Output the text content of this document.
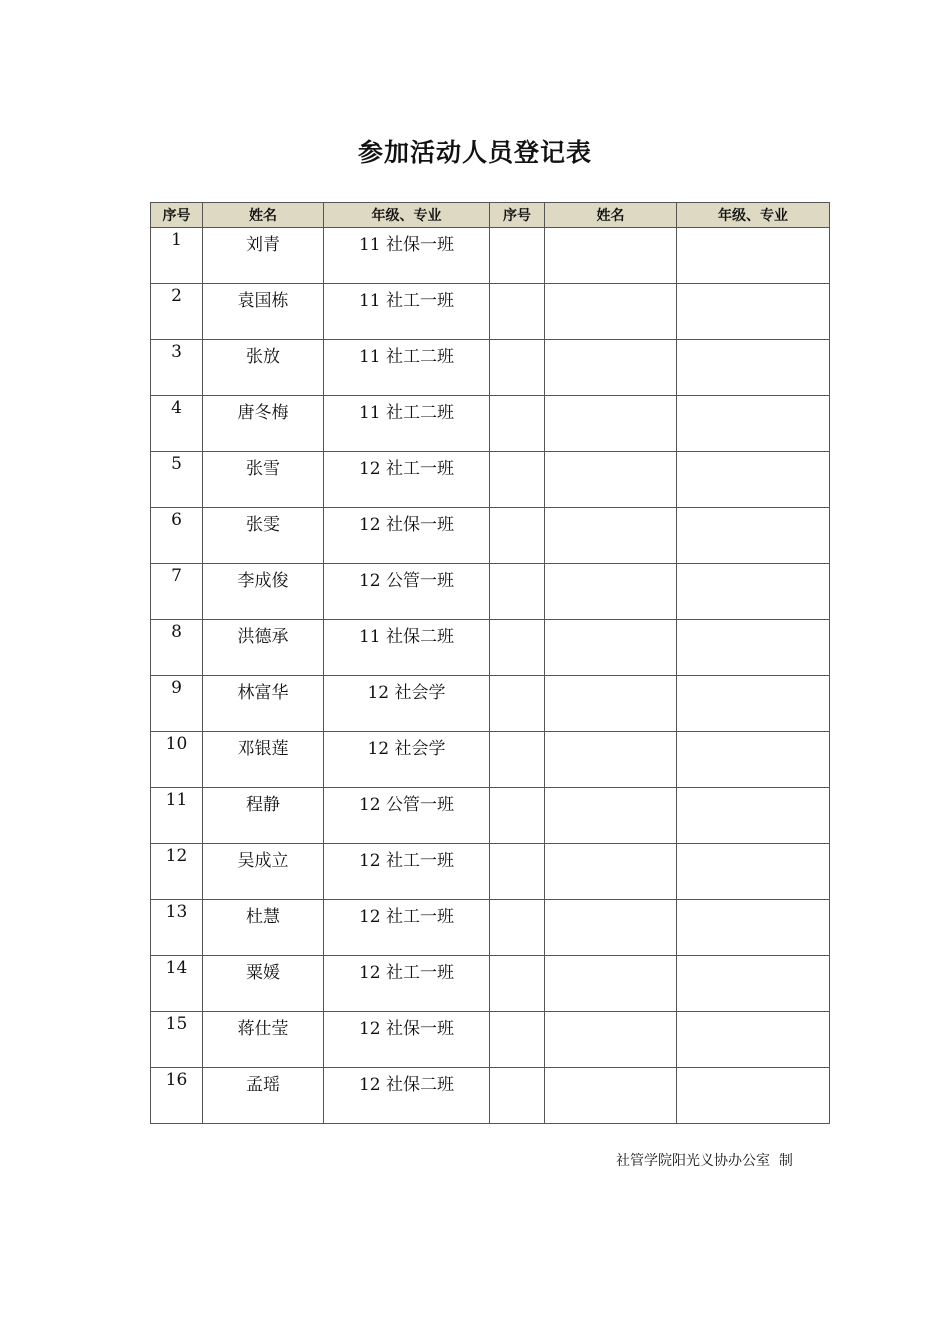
参加活动人员登记表
序号	姓名	年级、专业	序号	姓名	年级、专业
1	刘青	11 社保一班			
2	袁国栋	11 社工一班			
3	张放	11 社工二班			
4	唐冬梅	11 社工二班			
5	张雪	12 社工一班			
6	张雯	12 社保一班			
7	李成俊	12 公管一班			
8	洪德承	11 社保二班			
9	林富华	12 社会学			
10	邓银莲	12 社会学			
11	程静	12 公管一班			
12	吴成立	12 社工一班			
13	杜慧	12 社工一班			
14	粟媛	12 社工一班			
15	蒋仕莹	12 社保一班			
16	孟瑶	12 社保二班			
社管学院阳光义协办公室  制
